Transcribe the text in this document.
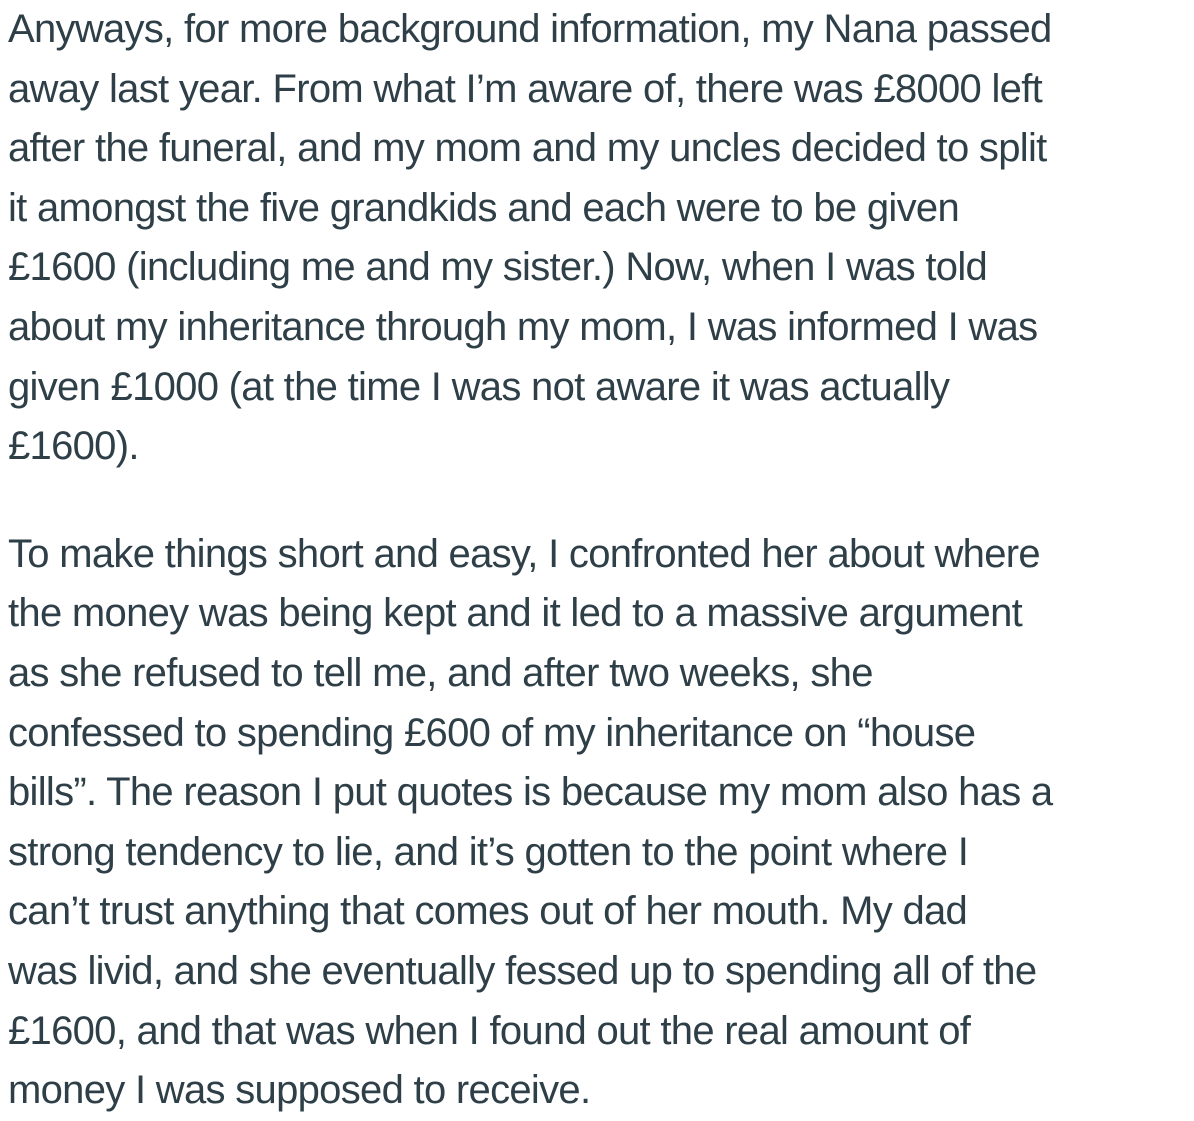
Anyways, for more background information, my Nana passed
away last year. From what I’m aware of, there was £8000 left
after the funeral, and my mom and my uncles decided to split
it amongst the five grandkids and each were to be given
£1600 (including me and my sister.) Now, when I was told
about my inheritance through my mom, I was informed I was
given £1000 (at the time I was not aware it was actually
£1600).
To make things short and easy, I confronted her about where
the money was being kept and it led to a massive argument
as she refused to tell me, and after two weeks, she
confessed to spending £600 of my inheritance on “house
bills”. The reason I put quotes is because my mom also has a
strong tendency to lie, and it’s gotten to the point where I
can’t trust anything that comes out of her mouth. My dad
was livid, and she eventually fessed up to spending all of the
£1600, and that was when I found out the real amount of
money I was supposed to receive.
